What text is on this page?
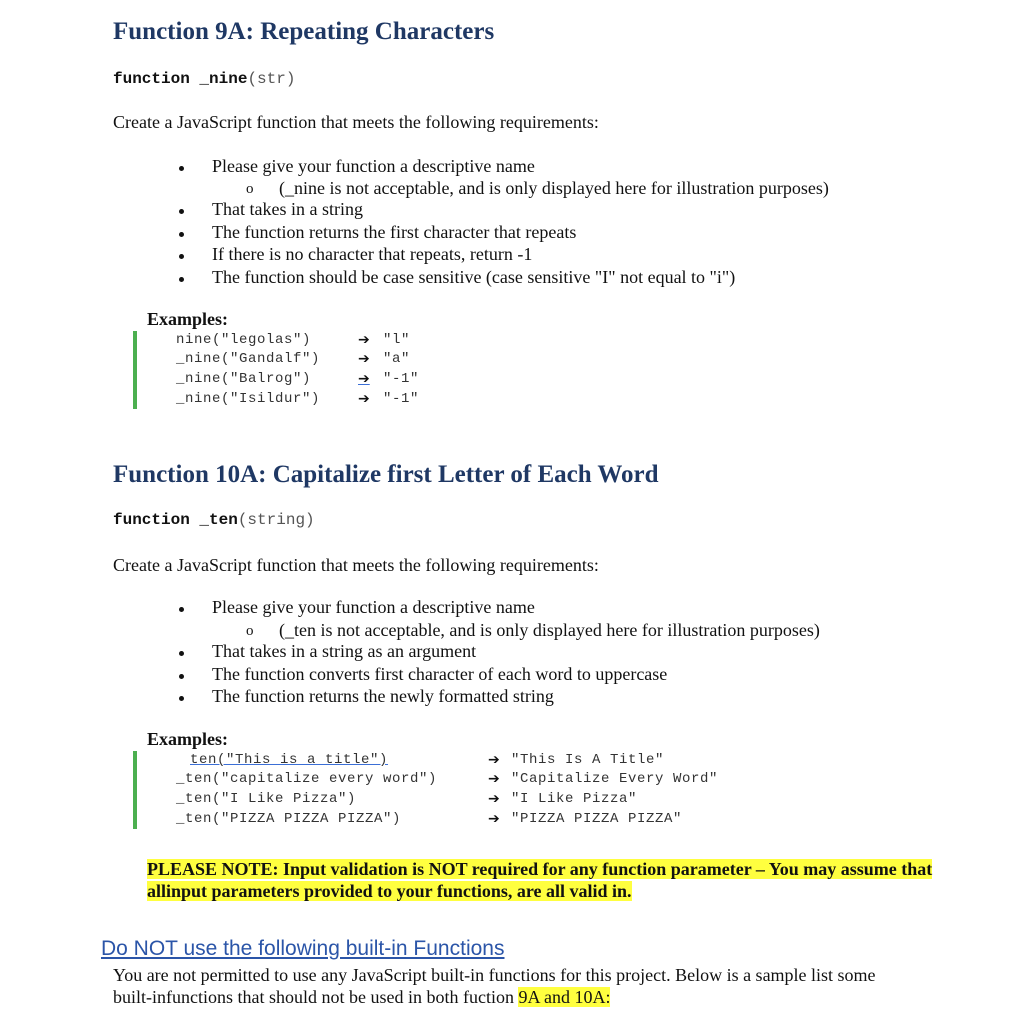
Function 9A: Repeating Characters
function _nine(str)
Create a JavaScript function that meets the following requirements:
Please give your function a descriptive name
o (_nine is not acceptable, and is only displayed here for illustration purposes)
That takes in a string
The function returns the first character that repeats
If there is no character that repeats, return -1
The function should be case sensitive (case sensitive "I" not equal to "i")
Examples:
nine("legolas")	➔ "l"
_nine("Gandalf")	➔ "a"
_nine("Balrog")	➔ "-1"
_nine("Isildur")	➔ "-1"
Function 10A: Capitalize first Letter of Each Word
function _ten(string)
Create a JavaScript function that meets the following requirements:
Please give your function a descriptive name
o (_ten is not acceptable, and is only displayed here for illustration purposes)
That takes in a string as an argument
The function converts first character of each word to uppercase
The function returns the newly formatted string
Examples:
ten("This is a title")	➔ "This Is A Title"
_ten("capitalize every word")	➔ "Capitalize Every Word"
_ten("I Like Pizza")	➔ "I Like Pizza"
_ten("PIZZA PIZZA PIZZA")	➔ "PIZZA PIZZA PIZZA"
PLEASE NOTE: Input validation is NOT required for any function parameter – You may assume that
allinput parameters provided to your functions, are all valid in.
Do NOT use the following built-in Functions
You are not permitted to use any JavaScript built-in functions for this project. Below is a sample list some
built-infunctions that should not be used in both fuction 9A and 10A:
